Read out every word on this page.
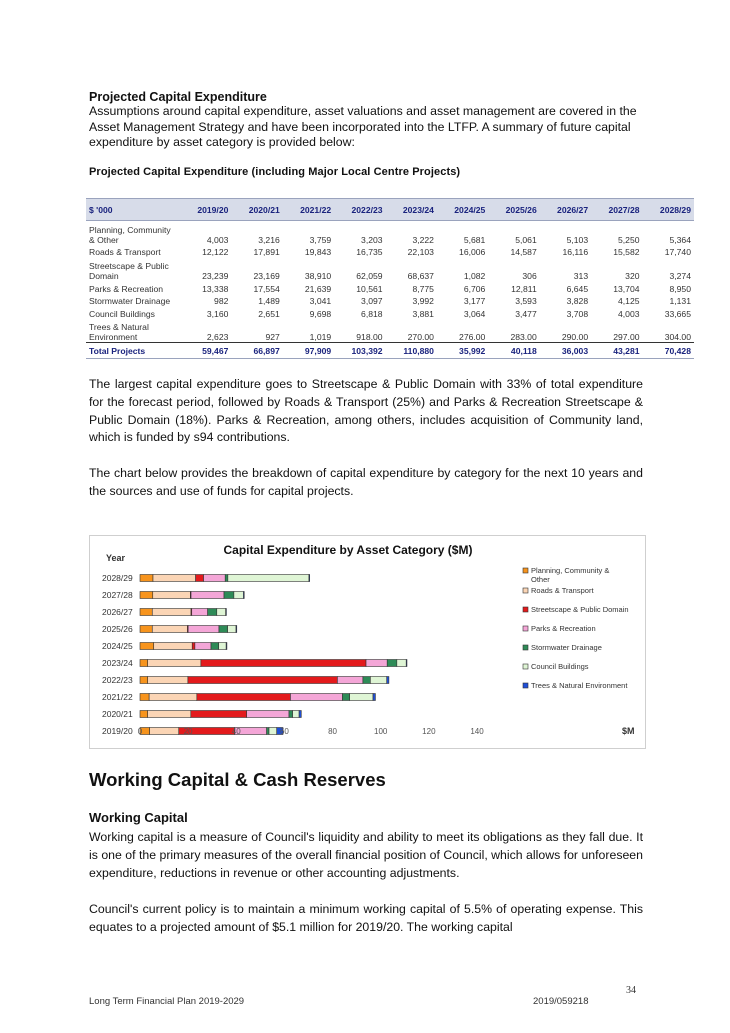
Projected Capital Expenditure
Assumptions around capital expenditure, asset valuations and asset management are covered in the Asset Management Strategy and have been incorporated into the LTFP. A summary of future capital expenditure by asset category is provided below:
Projected Capital Expenditure (including Major Local Centre Projects)
$ '000	2019/20	2020/21	2021/22	2022/23	2023/24	2024/25	2025/26	2026/27	2027/28	2028/29
Planning, Community & Other	4,003	3,216	3,759	3,203	3,222	5,681	5,061	5,103	5,250	5,364
Roads & Transport	12,122	17,891	19,843	16,735	22,103	16,006	14,587	16,116	15,582	17,740
Streetscape & Public Domain	23,239	23,169	38,910	62,059	68,637	1,082	306	313	320	3,274
Parks & Recreation	13,338	17,554	21,639	10,561	8,775	6,706	12,811	6,645	13,704	8,950
Stormwater Drainage	982	1,489	3,041	3,097	3,992	3,177	3,593	3,828	4,125	1,131
Council Buildings	3,160	2,651	9,698	6,818	3,881	3,064	3,477	3,708	4,003	33,665
Trees & Natural Environment	2,623	927	1,019	918.00	270.00	276.00	283.00	290.00	297.00	304.00
Total Projects	59,467	66,897	97,909	103,392	110,880	35,992	40,118	36,003	43,281	70,428
The largest capital expenditure goes to Streetscape & Public Domain with 33% of total expenditure for the forecast period, followed by Roads & Transport (25%) and Parks & Recreation Streetscape & Public Domain (18%). Parks & Recreation, among others, includes acquisition of Community land, which is funded by s94 contributions.
The chart below provides the breakdown of capital expenditure by category for the next 10 years and the sources and use of funds for capital projects.
Capital Expenditure by Asset Category ($M)
Year
2028/29
2027/28
2026/27
2025/26
2024/25
2023/24
2022/23
2021/22
2020/21
2019/20 0	20	40	60	80	100	120	140	$M
Planning, Community &
Other
Roads & Transport
Streetscape & Public Domain
Parks & Recreation
Stormwater Drainage
Council Buildings
Trees & Natural Environment
Working Capital & Cash Reserves
Working Capital
Working capital is a measure of Council's liquidity and ability to meet its obligations as they fall due. It is one of the primary measures of the overall financial position of Council, which allows for unforeseen expenditure, reductions in revenue or other accounting adjustments.
Council's current policy is to maintain a minimum working capital of 5.5% of operating expense. This equates to a projected amount of $5.1 million for 2019/20. The working capital
34
Long Term Financial Plan 2019-2029	2019/059218
